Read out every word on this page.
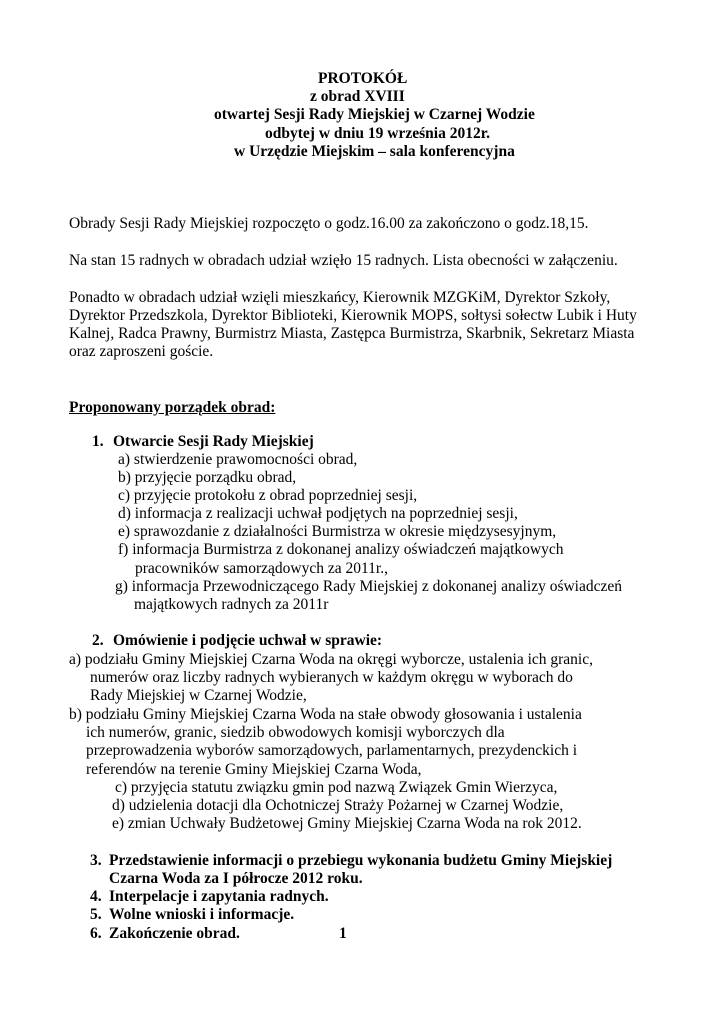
PROTOKÓŁ
z obrad XVIII
otwartej Sesji Rady Miejskiej w Czarnej Wodzie
odbytej w dniu 19 września 2012r.
w Urzędzie Miejskim – sala konferencyjna
Obrady Sesji Rady Miejskiej rozpoczęto o godz.16.00 za zakończono o godz.18,15.
Na stan 15 radnych w obradach udział wzięło 15 radnych. Lista obecności w załączeniu.
Ponadto w obradach udział wzięli mieszkańcy, Kierownik MZGKiM, Dyrektor Szkoły,
Dyrektor Przedszkola, Dyrektor Biblioteki, Kierownik MOPS, sołtysi sołectw Lubik i Huty
Kalnej, Radca Prawny, Burmistrz Miasta, Zastępca Burmistrza, Skarbnik, Sekretarz Miasta
oraz zaproszeni goście.
Proponowany porządek obrad:
1. Otwarcie Sesji Rady Miejskiej
a) stwierdzenie prawomocności obrad,
b) przyjęcie porządku obrad,
c) przyjęcie protokołu z obrad poprzedniej sesji,
d) informacja z realizacji uchwał podjętych na poprzedniej sesji,
e) sprawozdanie z działalności Burmistrza w okresie międzysesyjnym,
f) informacja Burmistrza z dokonanej analizy oświadczeń majątkowych
pracowników samorządowych za 2011r.,
g) informacja Przewodniczącego Rady Miejskiej z dokonanej analizy oświadczeń
majątkowych radnych za 2011r
2. Omówienie i podjęcie uchwał w sprawie:
a) podziału Gminy Miejskiej Czarna Woda na okręgi wyborcze, ustalenia ich granic,
numerów oraz liczby radnych wybieranych w każdym okręgu w wyborach do
Rady Miejskiej w Czarnej Wodzie,
b) podziału Gminy Miejskiej Czarna Woda na stałe obwody głosowania i ustalenia
ich numerów, granic, siedzib obwodowych komisji wyborczych dla
przeprowadzenia wyborów samorządowych, parlamentarnych, prezydenckich i
referendów na terenie Gminy Miejskiej Czarna Woda,
c) przyjęcia statutu związku gmin pod nazwą Związek Gmin Wierzyca,
d) udzielenia dotacji dla Ochotniczej Straży Pożarnej w Czarnej Wodzie,
e) zmian Uchwały Budżetowej Gminy Miejskiej Czarna Woda na rok 2012.
3. Przedstawienie informacji o przebiegu wykonania budżetu Gminy Miejskiej
Czarna Woda za I półrocze 2012 roku.
4. Interpelacje i zapytania radnych.
5. Wolne wnioski i informacje.
6. Zakończenie obrad.	1
